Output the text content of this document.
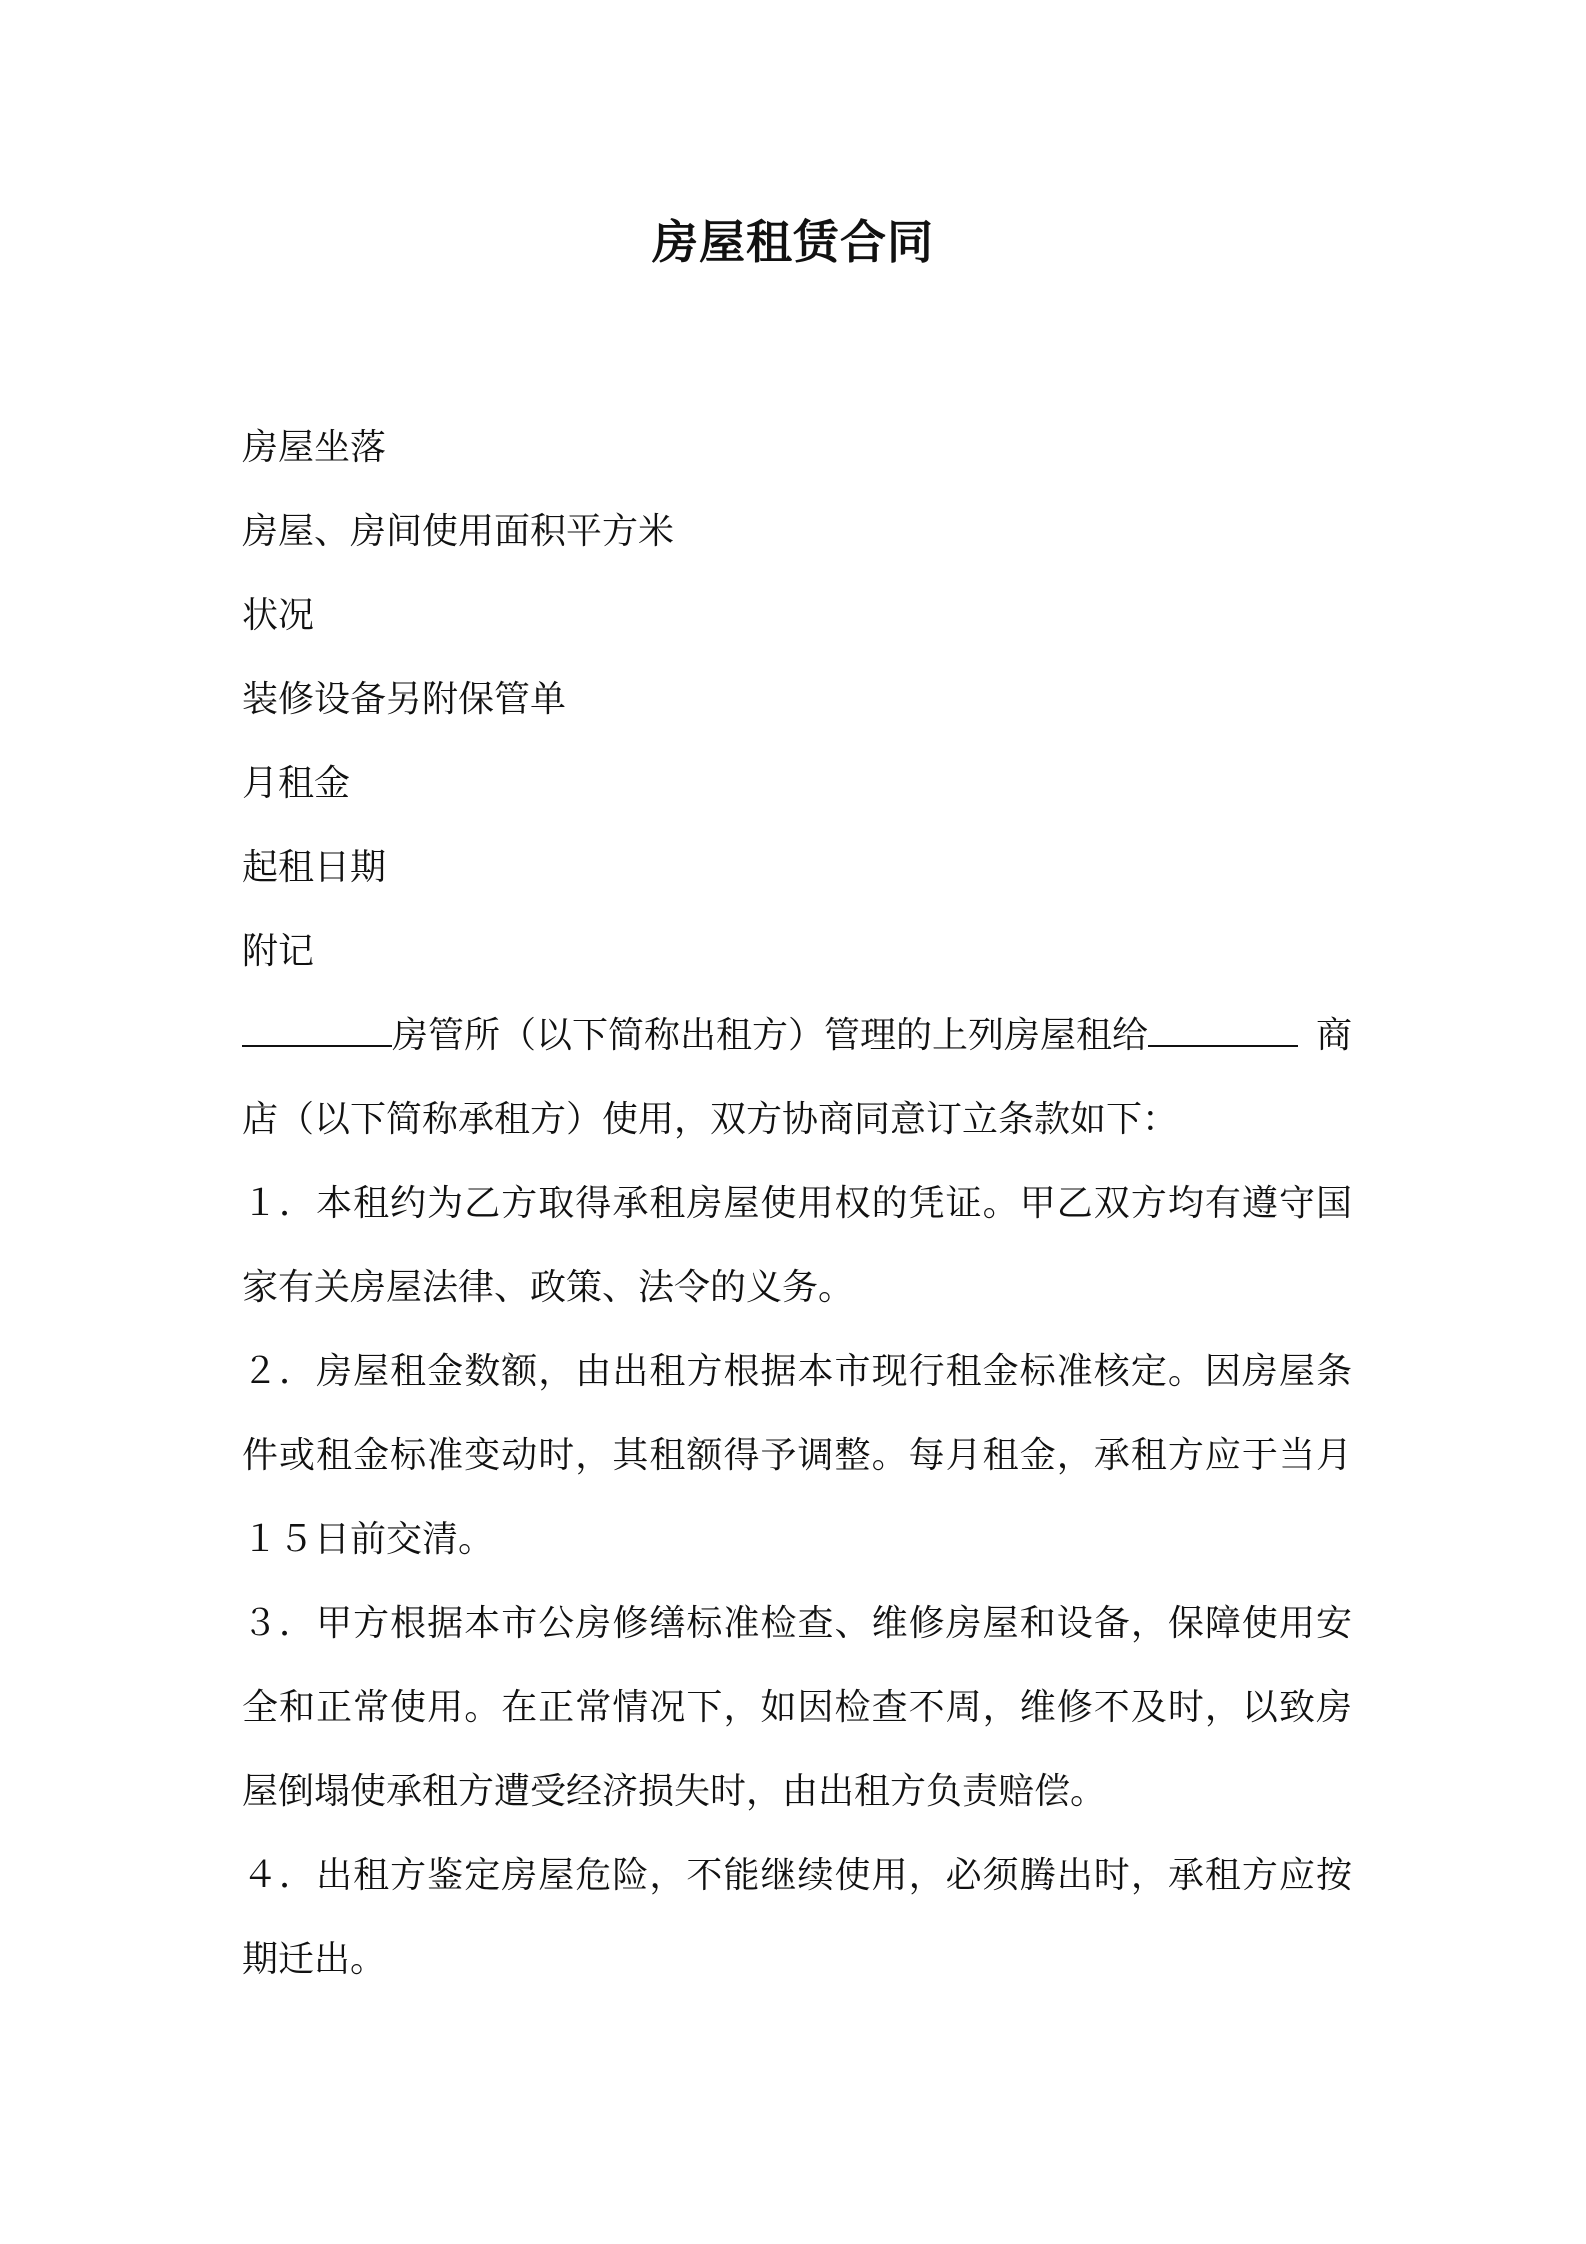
房屋租赁合同
房屋坐落
房屋、房间使用面积平方米
状况
装修设备另附保管单
月租金
起租日期
附记
房管所（以下简称出租方）管理的上列房屋租给	商
店（以下简称承租方）使用，双方协商同意订立条款如下：
１．本租约为乙方取得承租房屋使用权的凭证。甲乙双方均有遵守国家有关房屋法律、政策、法令的义务。
２．房屋租金数额，由出租方根据本市现行租金标准核定。因房屋条件或租金标准变动时，其租额得予调整。每月租金，承租方应于当月１５日前交清。
３．甲方根据本市公房修缮标准检查、维修房屋和设备，保障使用安全和正常使用。在正常情况下，如因检查不周，维修不及时，以致房屋倒塌使承租方遭受经济损失时，由出租方负责赔偿。
４．出租方鉴定房屋危险，不能继续使用，必须腾出时，承租方应按期迁出。
